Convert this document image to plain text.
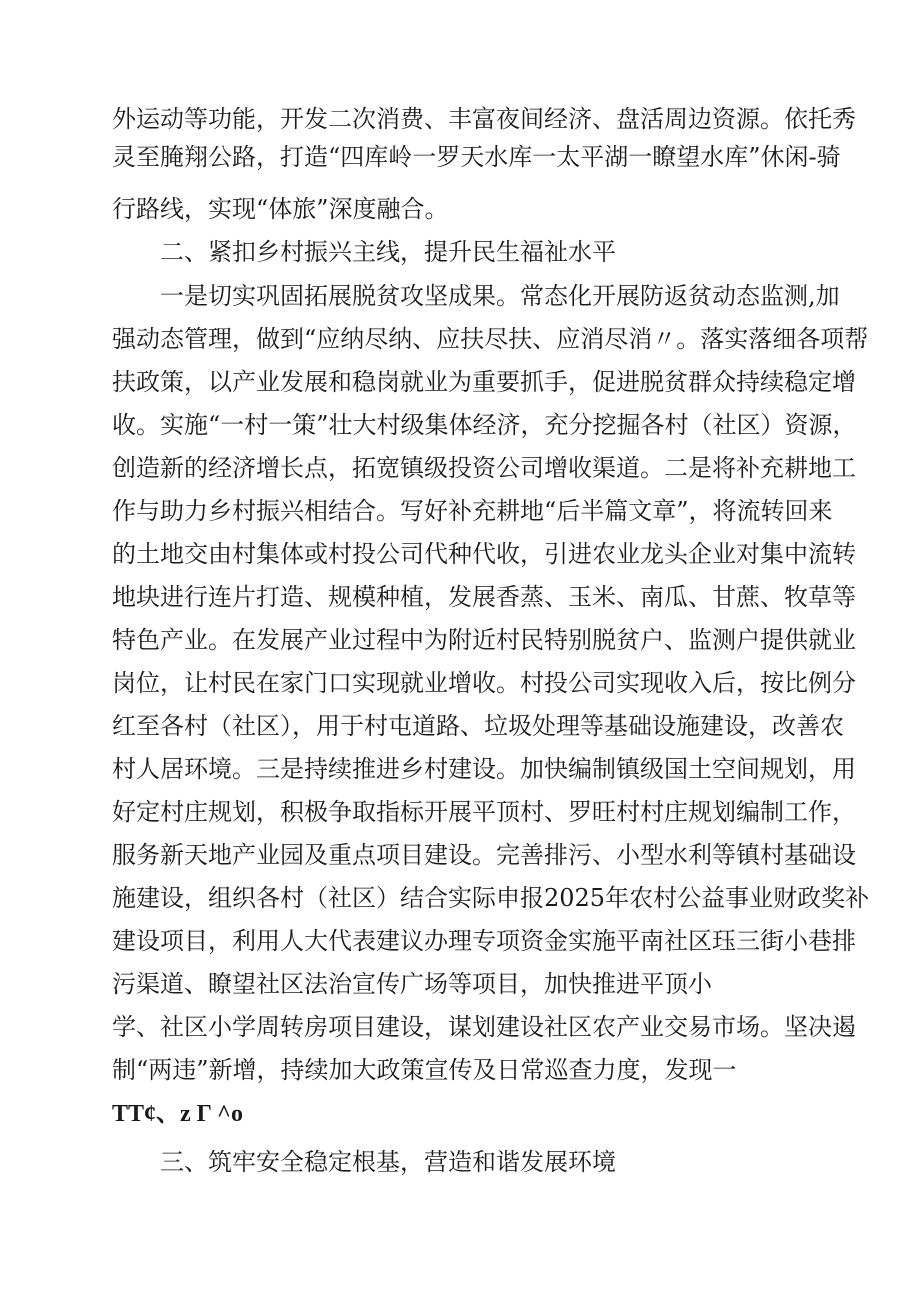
外运动等功能，开发二次消费、丰富夜间经济、盘活周边资源。依托秀
灵至腌翔公路，打造“四库岭一罗天水库一太平湖一瞭望水库”休闲-骑
行路线，实现“体旅”深度融合。
二、紧扣乡村振兴主线，提升民生福祉水平
一是切实巩固拓展脱贫攻坚成果。常态化开展防返贫动态监测,加
强动态管理，做到“应纳尽纳、应扶尽扶、应消尽消〃。落实落细各项帮
扶政策，以产业发展和稳岗就业为重要抓手，促进脱贫群众持续稳定增
收。实施“一村一策”壮大村级集体经济，充分挖掘各村（社区）资源，
创造新的经济增长点，拓宽镇级投资公司增收渠道。二是将补充耕地工
作与助力乡村振兴相结合。写好补充耕地“后半篇文章”，将流转回来
的土地交由村集体或村投公司代种代收，引进农业龙头企业对集中流转
地块进行连片打造、规模种植，发展香蒸、玉米、南瓜、甘蔗、牧草等
特色产业。在发展产业过程中为附近村民特别脱贫户、监测户提供就业
岗位，让村民在家门口实现就业增收。村投公司实现收入后，按比例分
红至各村（社区），用于村屯道路、垃圾处理等基础设施建设，改善农
村人居环境。三是持续推进乡村建设。加快编制镇级国土空间规划，用
好定村庄规划，积极争取指标开展平顶村、罗旺村村庄规划编制工作，
服务新天地产业园及重点项目建设。完善排污、小型水利等镇村基础设
施建设，组织各村（社区）结合实际申报2025年农村公益事业财政奖补
建设项目，利用人大代表建议办理专项资金实施平南社区珏三街小巷排
污渠道、瞭望社区法治宣传广场等项目，加快推进平顶小
学、社区小学周转房项目建设，谋划建设社区农产业交易市场。坚决遏
制“两违”新增，持续加大政策宣传及日常巡查力度，发现一
TT¢、z Γ ^o
三、筑牢安全稳定根基，营造和谐发展环境
